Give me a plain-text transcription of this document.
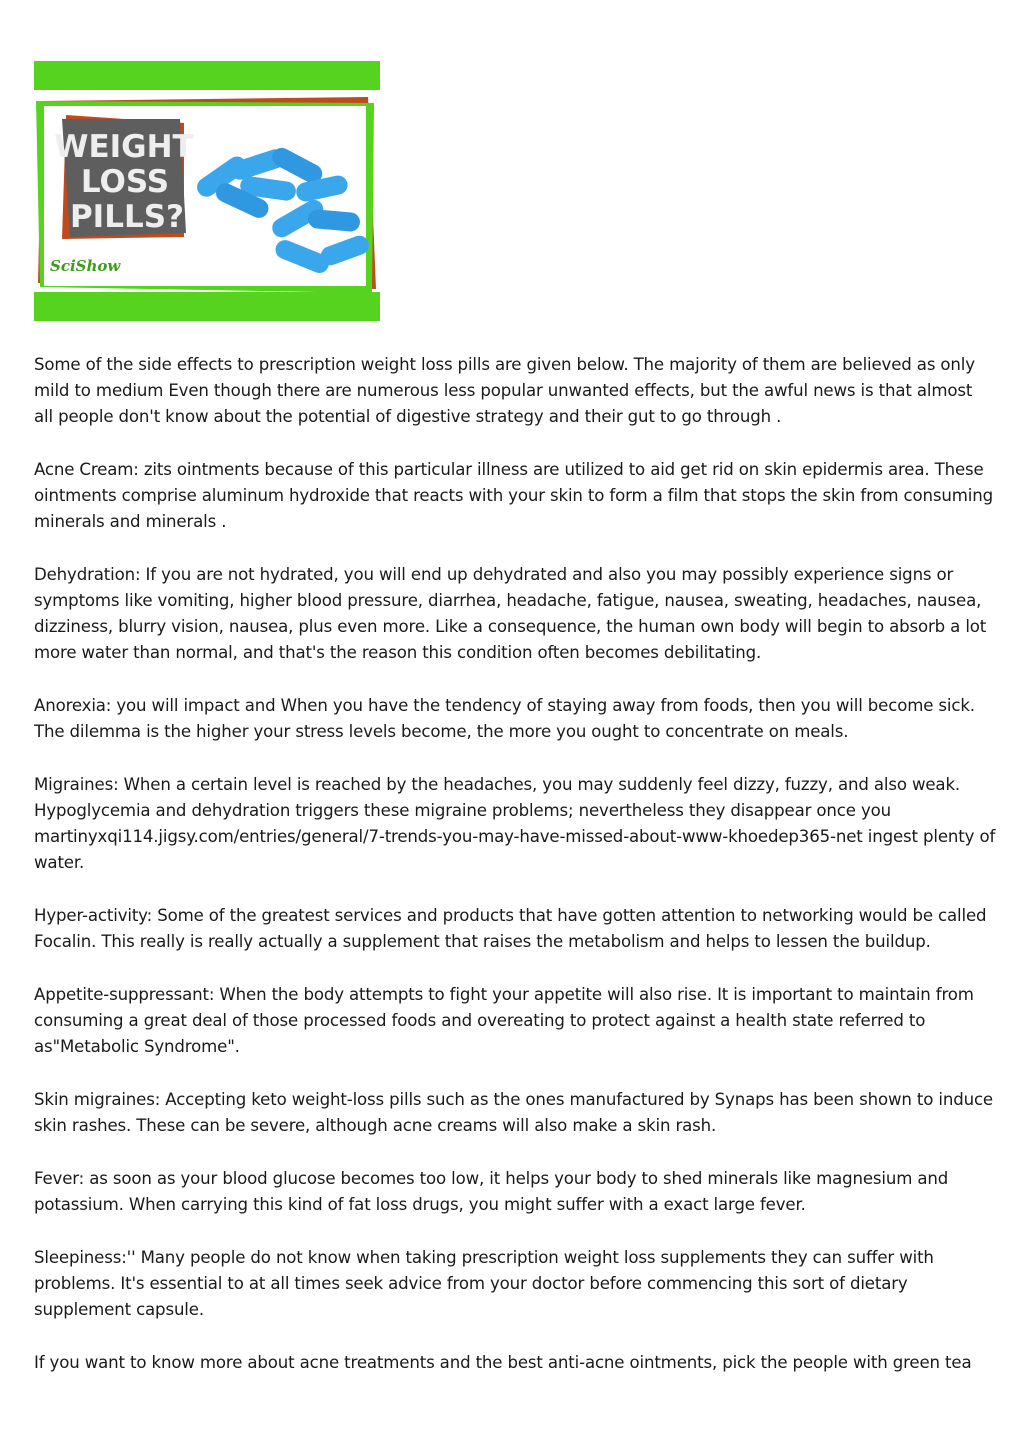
WEIGHT
LOSS
PILLS?
SciShow

Some of the side effects to prescription weight loss pills are given below. The majority of them are believed as only mild to medium Even though there are numerous less popular unwanted effects, but the awful news is that almost all people don't know about the potential of digestive strategy and their gut to go through .

Acne Cream: zits ointments because of this particular illness are utilized to aid get rid on skin epidermis area. These ointments comprise aluminum hydroxide that reacts with your skin to form a film that stops the skin from consuming minerals and minerals .

Dehydration: If you are not hydrated, you will end up dehydrated and also you may possibly experience signs or symptoms like vomiting, higher blood pressure, diarrhea, headache, fatigue, nausea, sweating, headaches, nausea, dizziness, blurry vision, nausea, plus even more. Like a consequence, the human own body will begin to absorb a lot more water than normal, and that's the reason this condition often becomes debilitating.

Anorexia: you will impact and When you have the tendency of staying away from foods, then you will become sick. The dilemma is the higher your stress levels become, the more you ought to concentrate on meals.

Migraines: When a certain level is reached by the headaches, you may suddenly feel dizzy, fuzzy, and also weak. Hypoglycemia and dehydration triggers these migraine problems; nevertheless they disappear once you martinyxqi114.jigsy.com/entries/general/7-trends-you-may-have-missed-about-www-khoedep365-net ingest plenty of water.

Hyper-activity: Some of the greatest services and products that have gotten attention to networking would be called Focalin. This really is really actually a supplement that raises the metabolism and helps to lessen the buildup.

Appetite-suppressant: When the body attempts to fight your appetite will also rise. It is important to maintain from consuming a great deal of those processed foods and overeating to protect against a health state referred to as"Metabolic Syndrome".

Skin migraines: Accepting keto weight-loss pills such as the ones manufactured by Synaps has been shown to induce skin rashes. These can be severe, although acne creams will also make a skin rash.

Fever: as soon as your blood glucose becomes too low, it helps your body to shed minerals like magnesium and potassium. When carrying this kind of fat loss drugs, you might suffer with a exact large fever.

Sleepiness:'' Many people do not know when taking prescription weight loss supplements they can suffer with problems. It's essential to at all times seek advice from your doctor before commencing this sort of dietary supplement capsule.

If you want to know more about acne treatments and the best anti-acne ointments, pick the people with green tea
